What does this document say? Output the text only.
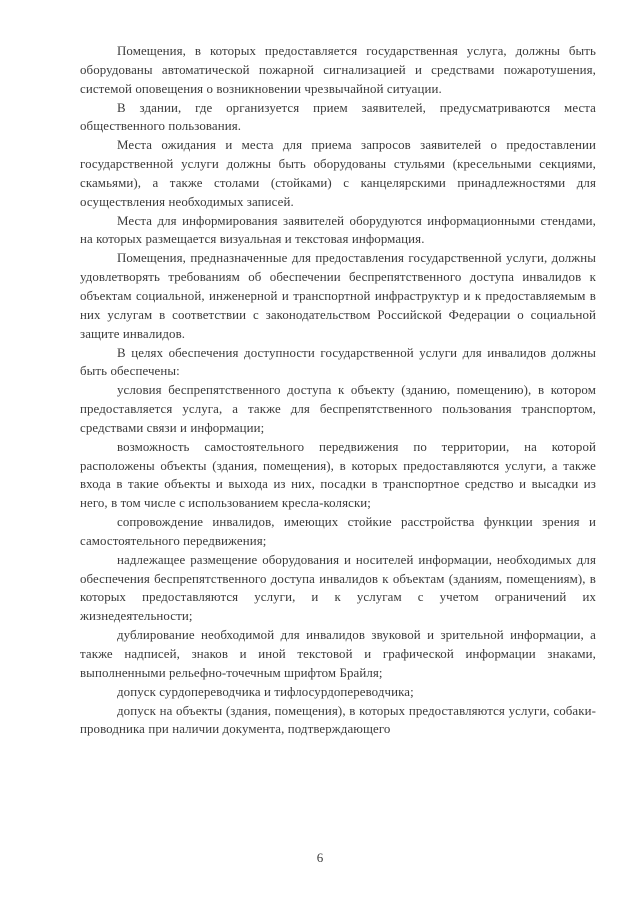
Помещения, в которых предоставляется государственная услуга, должны быть оборудованы автоматической пожарной сигнализацией и средствами пожаротушения, системой оповещения о возникновении чрезвычайной ситуации.

В здании, где организуется прием заявителей, предусматриваются места общественного пользования.

Места ожидания и места для приема запросов заявителей о предоставлении государственной услуги должны быть оборудованы стульями (кресельными секциями, скамьями), а также столами (стойками) с канцелярскими принадлежностями для осуществления необходимых записей.

Места для информирования заявителей оборудуются информационными стендами, на которых размещается визуальная и текстовая информация.

Помещения, предназначенные для предоставления государственной услуги, должны удовлетворять требованиям об обеспечении беспрепятственного доступа инвалидов к объектам социальной, инженерной и транспортной инфраструктур и к предоставляемым в них услугам в соответствии с законодательством Российской Федерации о социальной защите инвалидов.

В целях обеспечения доступности государственной услуги для инвалидов должны быть обеспечены:

условия беспрепятственного доступа к объекту (зданию, помещению), в котором предоставляется услуга, а также для беспрепятственного пользования транспортом, средствами связи и информации;

возможность самостоятельного передвижения по территории, на которой расположены объекты (здания, помещения), в которых предоставляются услуги, а также входа в такие объекты и выхода из них, посадки в транспортное средство и высадки из него, в том числе с использованием кресла-коляски;

сопровождение инвалидов, имеющих стойкие расстройства функции зрения и самостоятельного передвижения;

надлежащее размещение оборудования и носителей информации, необходимых для обеспечения беспрепятственного доступа инвалидов к объектам (зданиям, помещениям), в которых предоставляются услуги, и к услугам с учетом ограничений их жизнедеятельности;

дублирование необходимой для инвалидов звуковой и зрительной информации, а также надписей, знаков и иной текстовой и графической информации знаками, выполненными рельефно-точечным шрифтом Брайля;

допуск сурдопереводчика и тифлосурдопереводчика;

допуск на объекты (здания, помещения), в которых предоставляются услуги, собаки-проводника при наличии документа, подтверждающего

6
